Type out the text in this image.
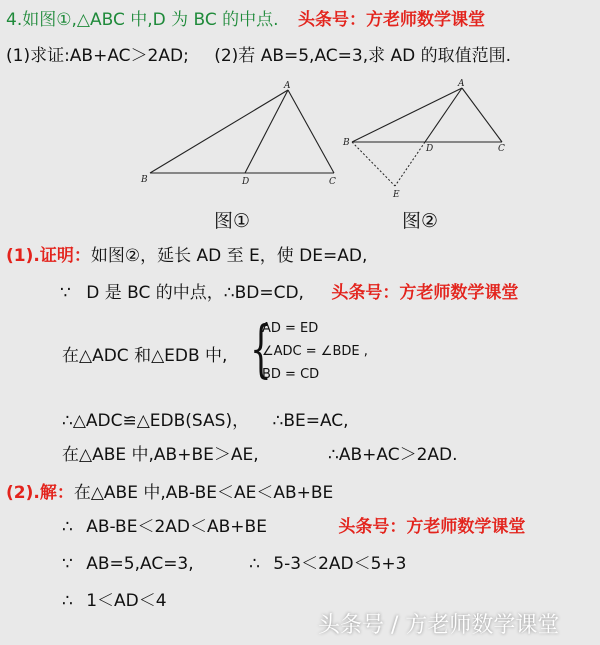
4.如图①,△ABC 中,D 为 BC 的中点. 头条号：方老师数学课堂
(1)求证:AB+AC＞2AD; (2)若 AB=5,AC=3,求 AD 的取值范围.
A
B	D	C
A
B
D	C
E
图①	图②
(1).证明：如图②，延长 AD 至 E，使 DE=AD,
∵ D 是 BC 的中点，∴BD=CD, 头条号：方老师数学课堂
在△ADC 和△EDB 中, {
AD = ED
∠ADC = ∠BDE ,
BD = CD
∴△ADC≌△EDB(SAS)， ∴BE=AC,
在△ABE 中,AB+BE＞AE,	∴AB+AC＞2AD.
(2).解：在△ABE 中,AB-BE＜AE＜AB+BE
∴ AB-BE＜2AD＜AB+BE	头条号：方老师数学课堂
∵ AB=5,AC=3,	∴ 5-3＜2AD＜5+3
∴ 1＜AD＜4
头条号 / 方老师数学课堂
